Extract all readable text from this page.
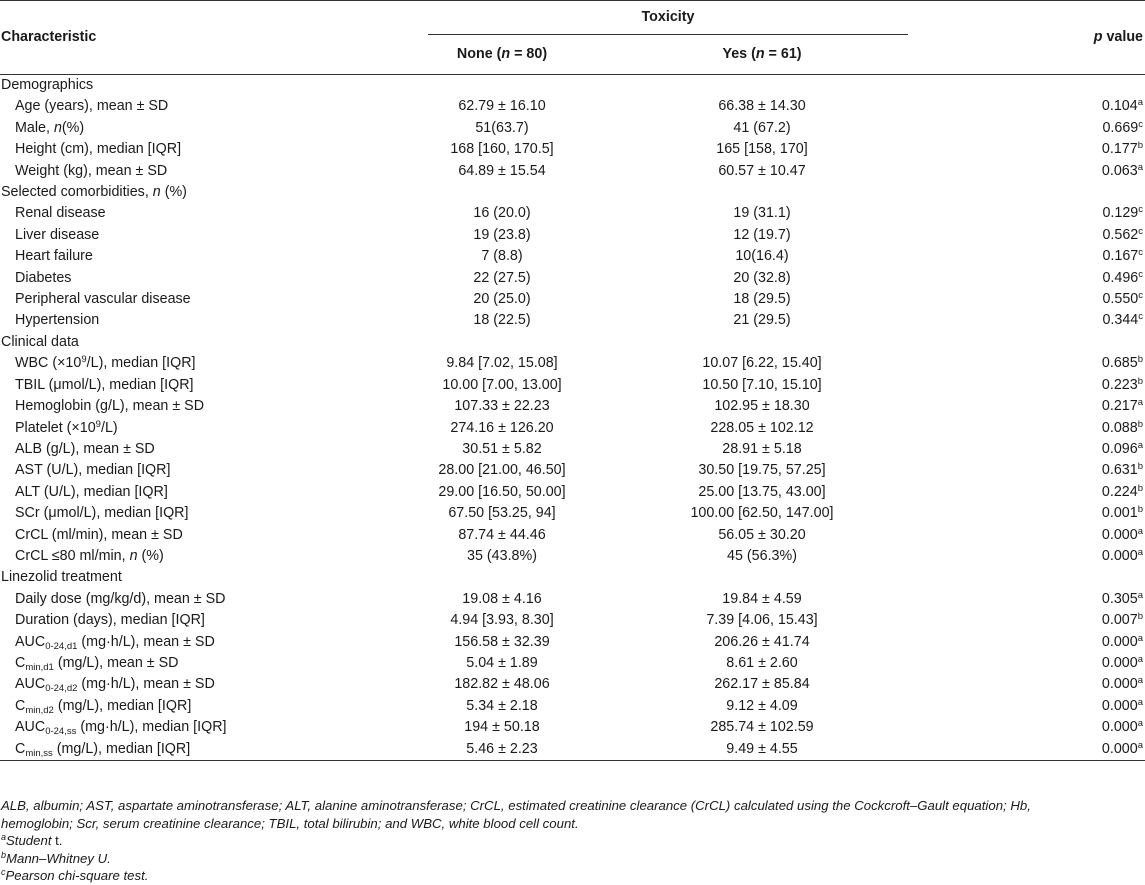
Characteristic	Toxicity		p value
	None (n = 80)	Yes (n = 61)	
Demographics			
Age (years), mean ± SD	62.79 ± 16.10	66.38 ± 14.30	0.104$^a$
Male, n(%)	51(63.7)	41 (67.2)	0.669$^c$
Height (cm), median [IQR]	168 [160, 170.5]	165 [158, 170]	0.177$^b$
Weight (kg), mean ± SD	64.89 ± 15.54	60.57 ± 10.47	0.063$^a$
Selected comorbidities, n (%)			
Renal disease	16 (20.0)	19 (31.1)	0.129$^c$
Liver disease	19 (23.8)	12 (19.7)	0.562$^c$
Heart failure	7 (8.8)	10(16.4)	0.167$^c$
Diabetes	22 (27.5)	20 (32.8)	0.496$^c$
Peripheral vascular disease	20 (25.0)	18 (29.5)	0.550$^c$
Hypertension	18 (22.5)	21 (29.5)	0.344$^c$
Clinical data			
WBC $(\times 10^9/L)$, median [IQR]	9.84 [7.02, 15.08]	10.07 [6.22, 15.40]	0.685$^b$
TBIL (μmol/L), median [IQR]	10.00 [7.00, 13.00]	10.50 [7.10, 15.10]	0.223$^b$
Hemoglobin (g/L), mean ± SD	107.33 ± 22.23	102.95 ± 18.30	0.217$^a$
Platelet $(\times 10^9/L)$	274.16 ± 126.20	228.05 ± 102.12	0.088$^b$
ALB (g/L), mean ± SD	30.51 ± 5.82	28.91 ± 5.18	0.096$^a$
AST (U/L), median [IQR]	28.00 [21.00, 46.50]	30.50 [19.75, 57.25]	0.631$^b$
ALT (U/L), median [IQR]	29.00 [16.50, 50.00]	25.00 [13.75, 43.00]	0.224$^b$
SCr (μmol/L), median [IQR]	67.50 [53.25, 94]	100.00 [62.50, 147.00]	0.001$^b$
CrCL (ml/min), mean ± SD	87.74 ± 44.46	56.05 ± 30.20	0.000$^a$
CrCL ≤80 ml/min, n (%)	35 (43.8%)	45 (56.3%)	0.000$^a$
Linezolid treatment			
Daily dose (mg/kg/d), mean ± SD	19.08 ± 4.16	19.84 ± 4.59	0.305$^a$
Duration (days), median [IQR]	4.94 [3.93, 8.30]	7.39 [4.06, 15.43]	0.007$^b$
$AUC_{0-24,d1}$ (mg·h/L), mean ± SD	156.58 ± 32.39	206.26 ± 41.74	0.000$^a$
$C_{min,d1}$ (mg/L), mean ± SD	5.04 ± 1.89	8.61 ± 2.60	0.000$^a$
$AUC_{0-24,d2}$ (mg·h/L), mean ± SD	182.82 ± 48.06	262.17 ± 85.84	0.000$^a$
$C_{min,d2}$ (mg/L), median [IQR]	5.34 ± 2.18	9.12 ± 4.09	0.000$^a$
$AUC_{0-24,ss}$ (mg·h/L), median [IQR]	194 ± 50.18	285.74 ± 102.59	0.000$^a$
$C_{min,ss}$ (mg/L), median [IQR]	5.46 ± 2.23	9.49 ± 4.55	0.000$^a$
ALB, albumin; AST, aspartate aminotransferase; ALT, alanine aminotransferase; CrCL, estimated creatinine clearance (CrCL) calculated using the Cockcroft–Gault equation; Hb,
hemoglobin; Scr, serum creatinine clearance; TBIL, total bilirubin; and WBC, white blood cell count.
$^a$Student t.
$^b$Mann–Whitney U.
$^c$Pearson chi-square test.
